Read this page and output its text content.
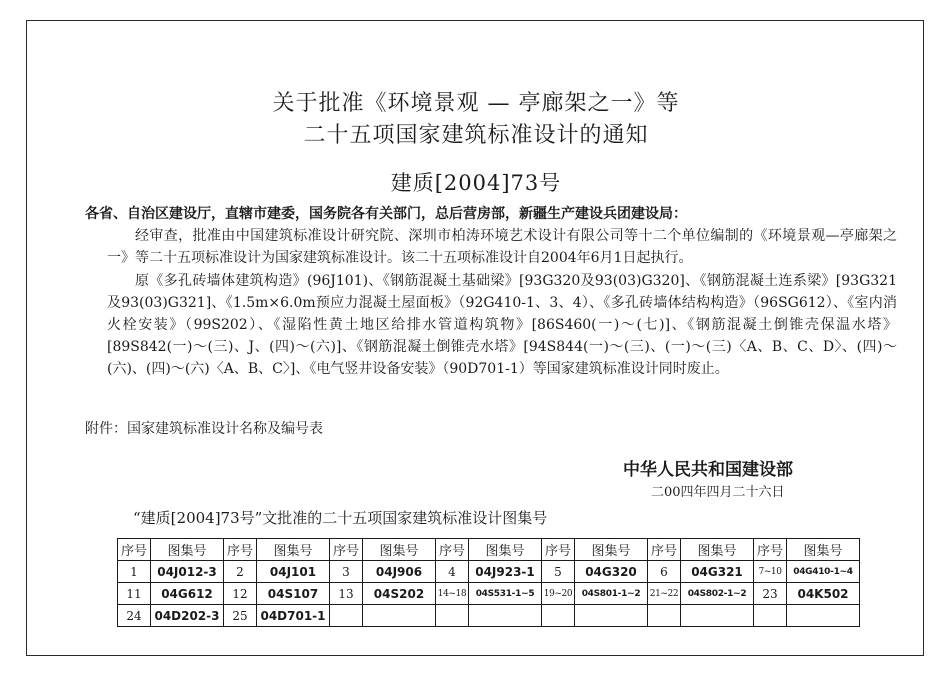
关于批准《环境景观 — 亭廊架之一》等
二十五项国家建筑标准设计的通知
建质[2004]73号
各省、自治区建设厅，直辖市建委，国务院各有关部门，总后营房部，新疆生产建设兵团建设局：
经审查，批准由中国建筑标准设计研究院、深圳市柏涛环境艺术设计有限公司等十二个单位编制的《环境景观—亭廊架之一》等二十五项标准设计为国家建筑标准设计。该二十五项标准设计自2004年6月1日起执行。
原《多孔砖墙体建筑构造》(96J101)、《钢筋混凝土基础梁》[93G320及93(03)G320]、《钢筋混凝土连系梁》[93G321及93(03)G321]、《1.5m×6.0m预应力混凝土屋面板》（92G410-1、3、4）、《多孔砖墙体结构构造》（96SG612）、《室内消火栓安装》（99S202）、《湿陷性黄土地区给排水管道构筑物》[86S460(一)～(七)]、《钢筋混凝土倒锥壳保温水塔》[89S842(一)～(三)、J、(四)～(六)]、《钢筋混凝土倒锥壳水塔》[94S844(一)～(三)、(一)～(三)〈A、B、C、D〉、(四)～(六)、(四)～(六)〈A、B、C〉]、《电气竖井设备安装》（90D701-1）等国家建筑标准设计同时废止。
附件：国家建筑标准设计名称及编号表
中华人民共和国建设部
二00四年四月二十六日
“建质[2004]73号”文批准的二十五项国家建筑标准设计图集号
序号	图集号	序号	图集号	序号	图集号	序号	图集号	序号	图集号	序号	图集号	序号	图集号
1	04J012-3	2	04J101	3	04J906	4	04J923-1	5	04G320	6	04G321	7~10	04G410-1~4
11	04G612	12	04S107	13	04S202	14~18	04S531-1~5	19~20	04S801-1~2	21~22	04S802-1~2	23	04K502
24	04D202-3	25	04D701-1										
